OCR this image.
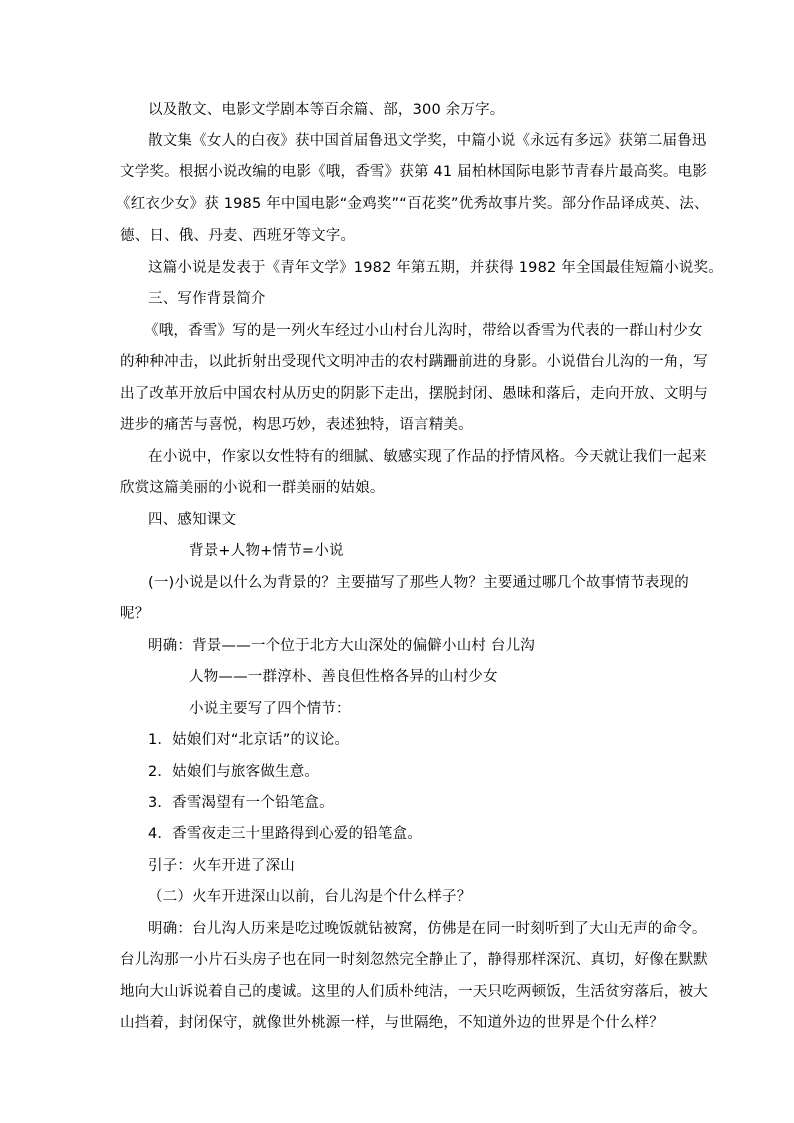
以及散文、电影文学剧本等百余篇、部，300 余万字。
散文集《女人的白夜》获中国首届鲁迅文学奖，中篇小说《永远有多远》获第二届鲁迅
文学奖。根据小说改编的电影《哦，香雪》获第 41 届柏林国际电影节青春片最高奖。电影
《红衣少女》获 1985 年中国电影“金鸡奖”“百花奖”优秀故事片奖。部分作品译成英、法、
德、日、俄、丹麦、西班牙等文字。
这篇小说是发表于《青年文学》1982 年第五期，并获得 1982 年全国最佳短篇小说奖。
三、写作背景简介
《哦，香雪》写的是一列火车经过小山村台儿沟时，带给以香雪为代表的一群山村少女
的种种冲击，以此折射出受现代文明冲击的农村蹒跚前进的身影。小说借台儿沟的一角，写
出了改革开放后中国农村从历史的阴影下走出，摆脱封闭、愚昧和落后，走向开放、文明与
进步的痛苦与喜悦，构思巧妙，表述独特，语言精美。
在小说中，作家以女性特有的细腻、敏感实现了作品的抒情风格。今天就让我们一起来
欣赏这篇美丽的小说和一群美丽的姑娘。
四、感知课文
背景+人物+情节=小说
(一)小说是以什么为背景的？主要描写了那些人物？主要通过哪几个故事情节表现的
呢？
明确：背景——一个位于北方大山深处的偏僻小山村 台儿沟
人物——一群淳朴、善良但性格各异的山村少女
小说主要写了四个情节：
1．姑娘们对“北京话”的议论。
2．姑娘们与旅客做生意。
3．香雪渴望有一个铅笔盒。
4．香雪夜走三十里路得到心爱的铅笔盒。
引子：火车开进了深山
（二）火车开进深山以前，台儿沟是个什么样子？
明确：台儿沟人历来是吃过晚饭就钻被窝，仿佛是在同一时刻听到了大山无声的命令。
台儿沟那一小片石头房子也在同一时刻忽然完全静止了，静得那样深沉、真切，好像在默默
地向大山诉说着自己的虔诚。这里的人们质朴纯洁，一天只吃两顿饭，生活贫穷落后，被大
山挡着，封闭保守，就像世外桃源一样，与世隔绝，不知道外边的世界是个什么样？
